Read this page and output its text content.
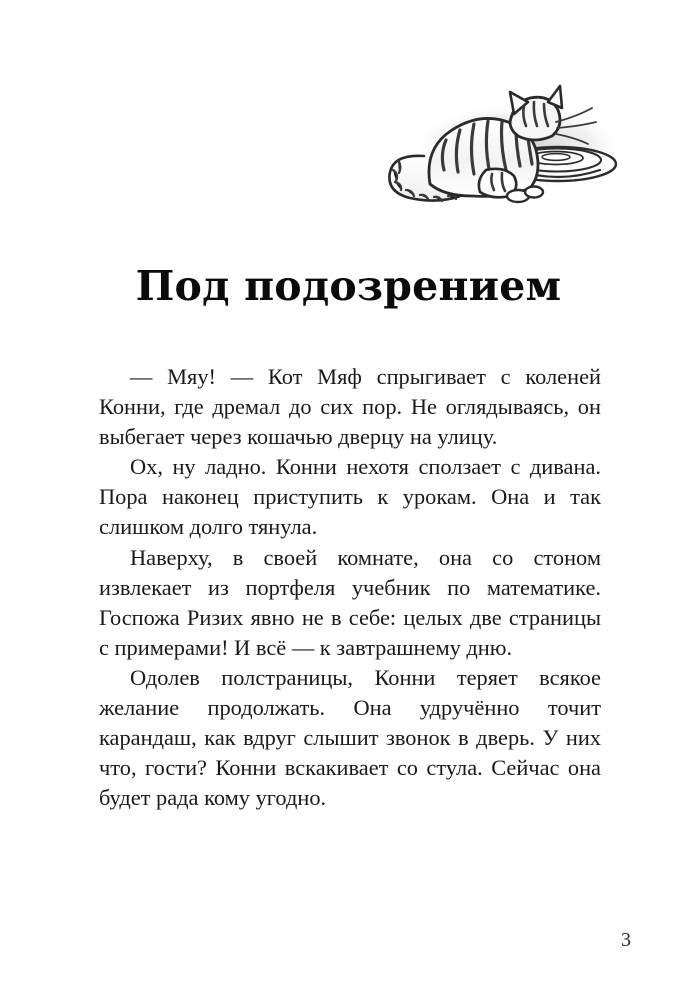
Под подозрением

— Мяу! — Кот Мяф спрыгивает с коленей Конни, где дремал до сих пор. Не оглядываясь, он выбегает через кошачью дверцу на улицу.

Ох, ну ладно. Конни нехотя сползает с дивана. Пора наконец приступить к урокам. Она и так слишком долго тянула.

Наверху, в своей комнате, она со стоном извлекает из портфеля учебник по математике. Госпожа Ризих явно не в себе: целых две страницы с примерами! И всё — к завтрашнему дню.

Одолев полстраницы, Конни теряет всякое желание продолжать. Она удручённо точит карандаш, как вдруг слышит звонок в дверь. У них что, гости? Конни вскакивает со стула. Сейчас она будет рада кому угодно.

3
